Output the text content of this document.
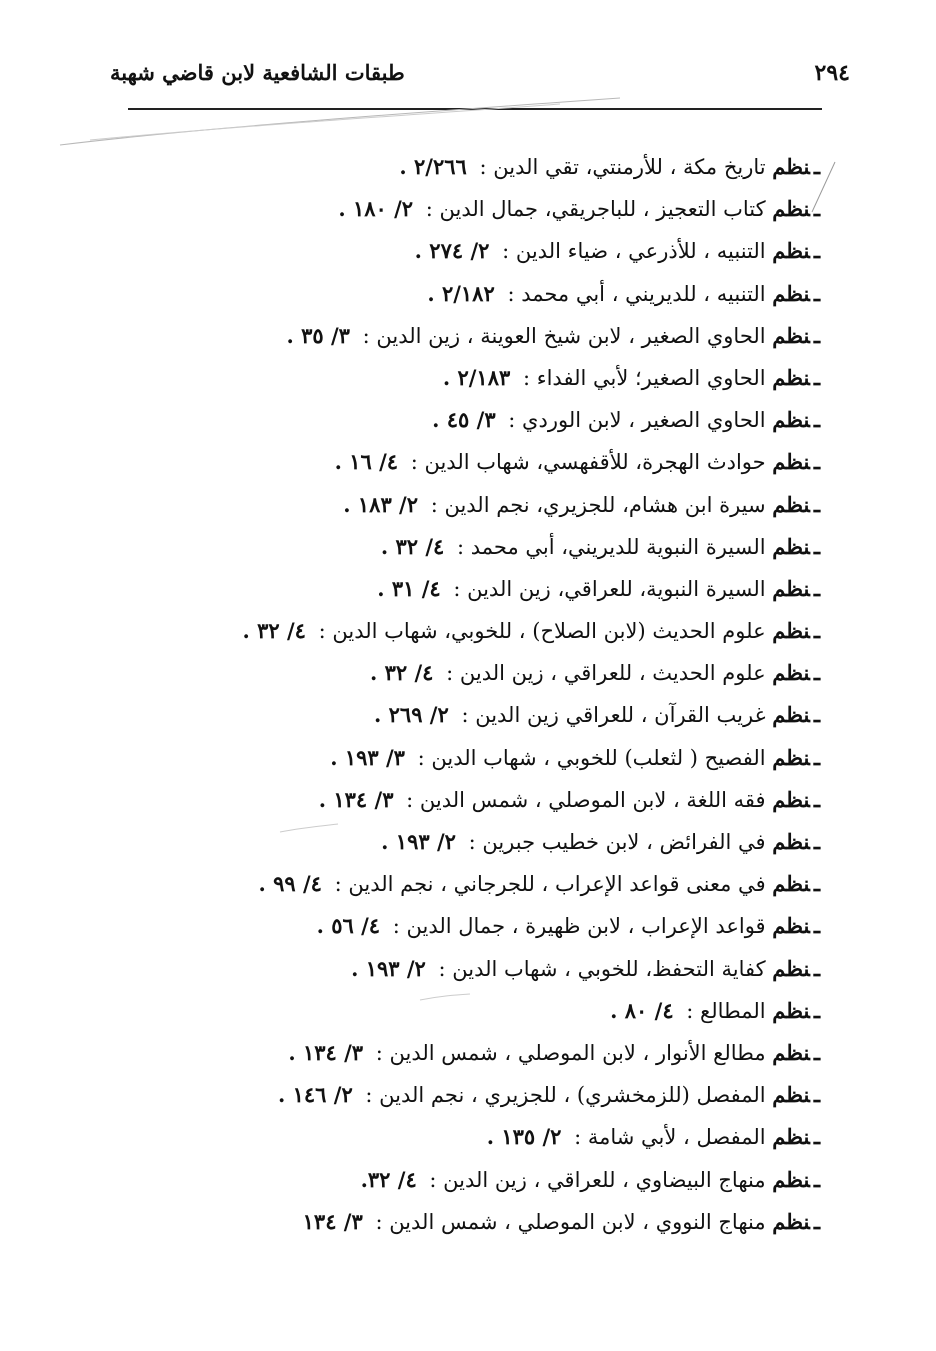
٢٩٤
طبقات الشافعية لابن قاضي شهبة
ـنظم تاريخ مكة ، للأرمنتي، تقي الدين : ٢/٢٦٦ .
ـنظم كتاب التعجيز ، للباجريقي، جمال الدين : ٢/ ١٨٠ .
ـنظم التنبيه ، للأذرعي ، ضياء الدين : ٢/ ٢٧٤ .
ـنظم التنبيه ، للديريني ، أبي محمد : ٢/١٨٢ .
ـنظم الحاوي الصغير ، لابن شيخ العوينة ، زين الدين : ٣/ ٣٥ .
ـنظم الحاوي الصغير؛ لأبي الفداء : ٢/١٨٣ .
ـنظم الحاوي الصغير ، لابن الوردي : ٣/ ٤٥ .
ـنظم حوادث الهجرة، للأقفهسي، شهاب الدين : ٤/ ١٦ .
ـنظم سيرة ابن هشام، للجزيري، نجم الدين : ٢/ ١٨٣ .
ـنظم السيرة النبوية للديريني، أبي محمد : ٤/ ٣٢ .
ـنظم السيرة النبوية، للعراقي، زين الدين : ٤/ ٣١ .
ـنظم علوم الحديث (لابن الصلاح) ، للخوبي، شهاب الدين : ٤/ ٣٢ .
ـنظم علوم الحديث ، للعراقي ، زين الدين : ٤/ ٣٢ .
ـنظم غريب القرآن ، للعراقي زين الدين : ٢/ ٢٦٩ .
ـنظم الفصيح ( لثعلب) للخوبي ، شهاب الدين : ٣/ ١٩٣ .
ـنظم فقه اللغة ، لابن الموصلي ، شمس الدين : ٣/ ١٣٤ .
ـنظم في الفرائض ، لابن خطيب جبرين : ٢/ ١٩٣ .
ـنظم في معنى قواعد الإعراب ، للجرجاني ، نجم الدين : ٤/ ٩٩ .
ـنظم قواعد الإعراب ، لابن ظهيرة ، جمال الدين : ٤/ ٥٦ .
ـنظم كفاية التحفظ، للخوبي ، شهاب الدين : ٢/ ١٩٣ .
ـنظم المطالع : ٤/ ٨٠ .
ـنظم مطالع الأنوار ، لابن الموصلي ، شمس الدين : ٣/ ١٣٤ .
ـنظم المفصل (للزمخشري) ، للجزيري ، نجم الدين : ٢/ ١٤٦ .
ـنظم المفصل ، لأبي شامة : ٢/ ١٣٥ .
ـنظم منهاج البيضاوي ، للعراقي ، زين الدين : ٤/ ٣٢.
ـنظم منهاج النووي ، لابن الموصلي ، شمس الدين : ٣/ ١٣٤
